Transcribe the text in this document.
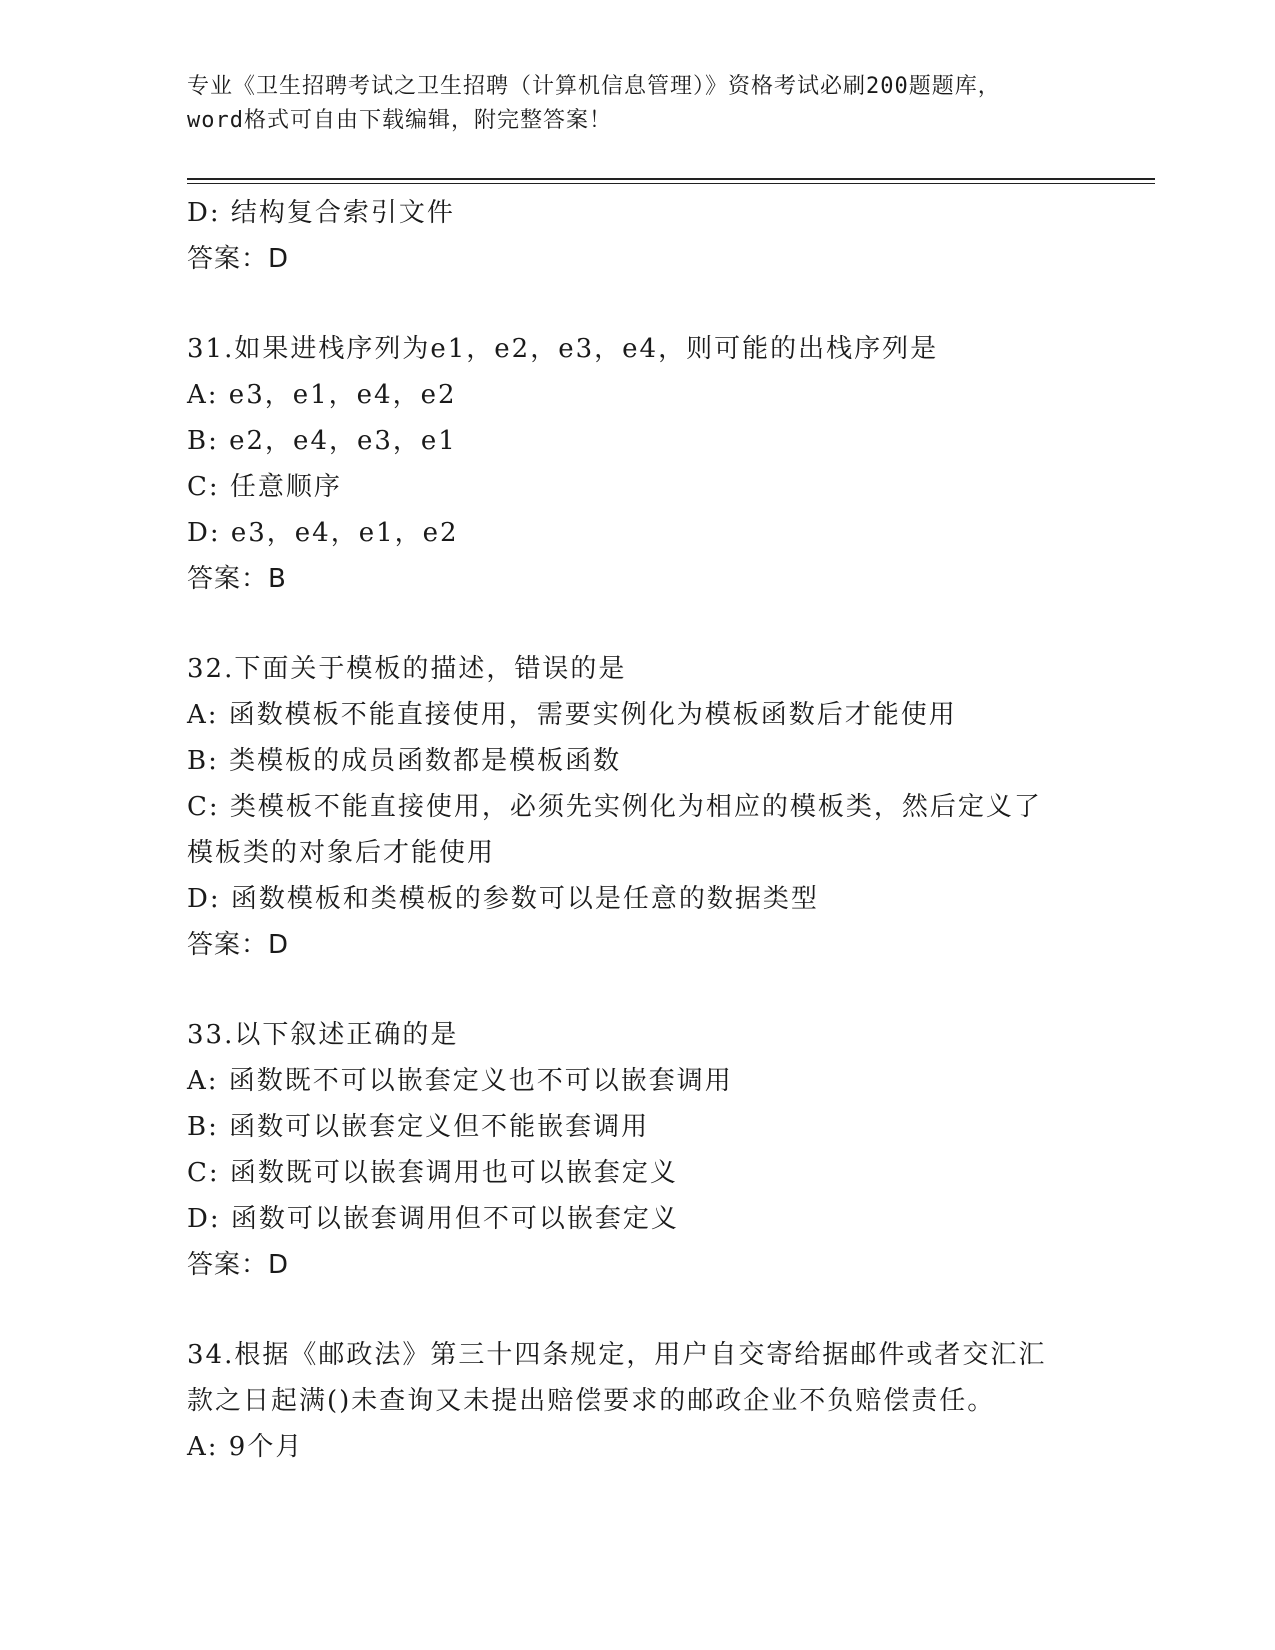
专业《卫生招聘考试之卫生招聘（计算机信息管理）》资格考试必刷200题题库，
word格式可自由下载编辑，附完整答案！
D: 结构复合索引文件
答案：D
31.如果进栈序列为e1，e2，e3，e4，则可能的出栈序列是
A: e3，e1，e4，e2
B: e2，e4，e3，e1
C: 任意顺序
D: e3，e4，e1，e2
答案：B
32.下面关于模板的描述，错误的是
A: 函数模板不能直接使用，需要实例化为模板函数后才能使用
B: 类模板的成员函数都是模板函数
C: 类模板不能直接使用，必须先实例化为相应的模板类，然后定义了
模板类的对象后才能使用
D: 函数模板和类模板的参数可以是任意的数据类型
答案：D
33.以下叙述正确的是
A: 函数既不可以嵌套定义也不可以嵌套调用
B: 函数可以嵌套定义但不能嵌套调用
C: 函数既可以嵌套调用也可以嵌套定义
D: 函数可以嵌套调用但不可以嵌套定义
答案：D
34.根据《邮政法》第三十四条规定，用户自交寄给据邮件或者交汇汇
款之日起满()未查询又未提出赔偿要求的邮政企业不负赔偿责任。
A: 9个月
